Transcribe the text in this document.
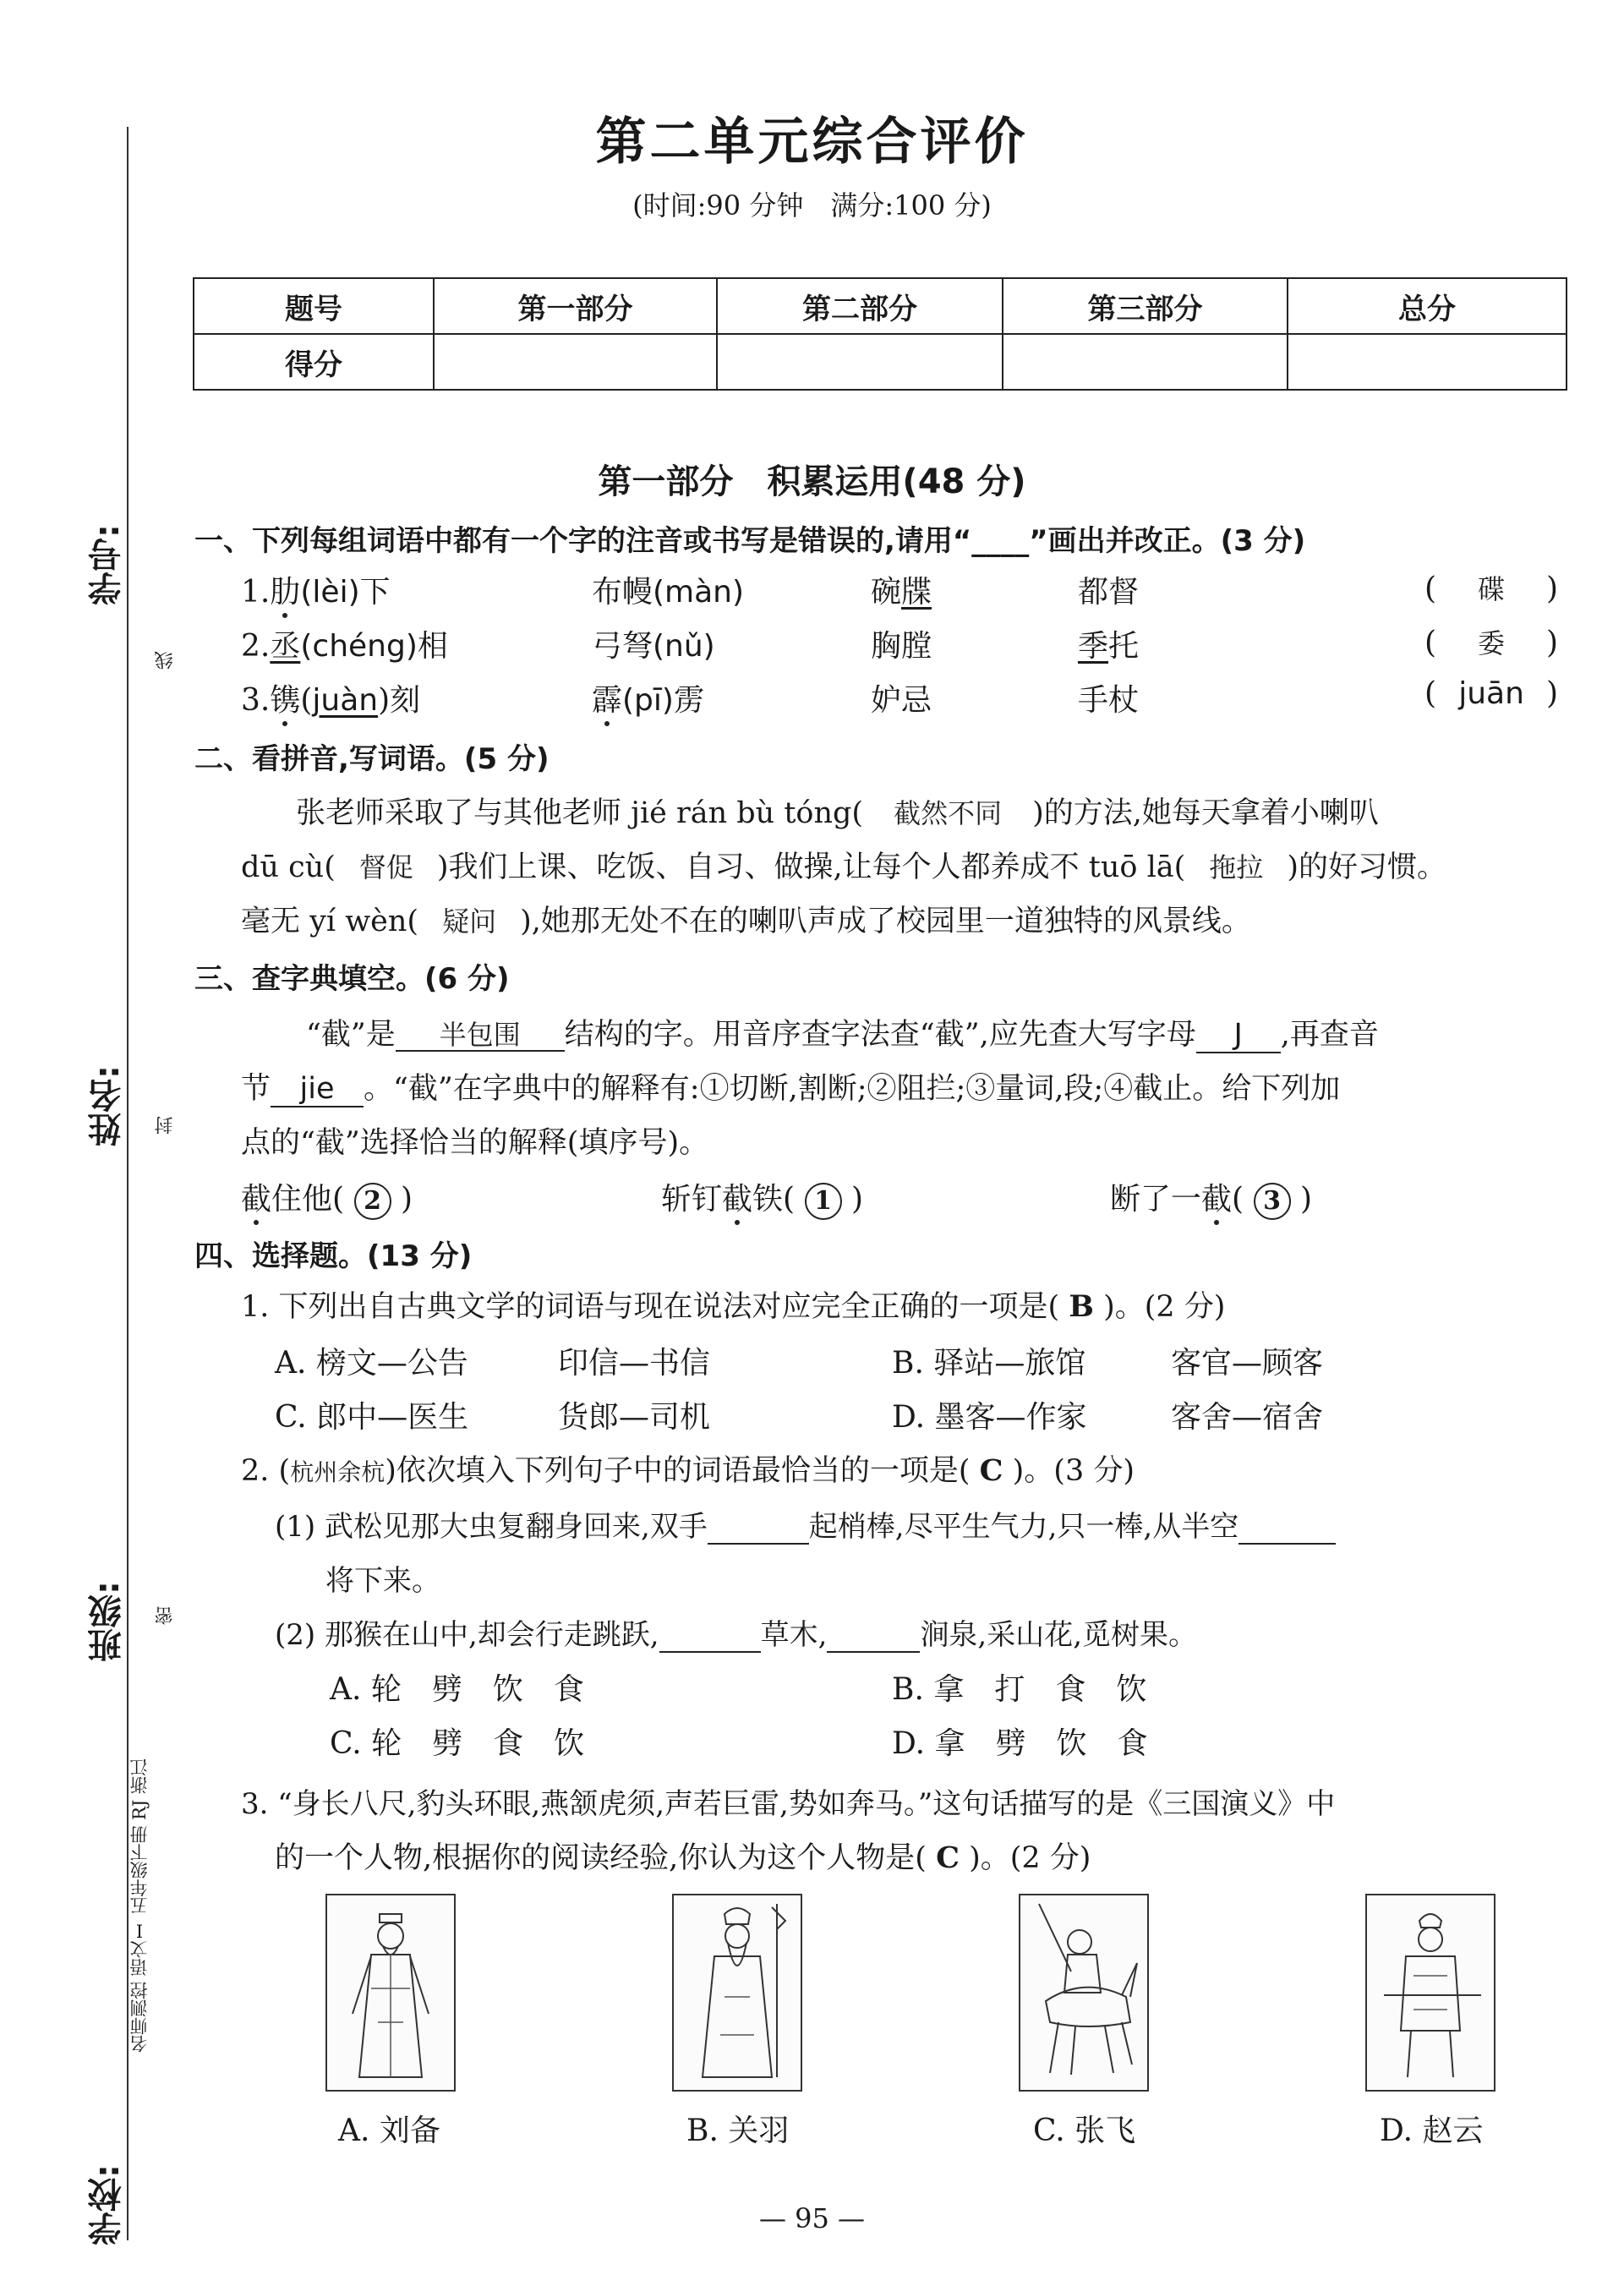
学号:
线
姓名: 封
班级: 密
名师测控 语文Ⅰ 五年级下册 RJ 浙江
学校:
第二单元综合评价
(时间:90 分钟　满分:100 分)
题号	第一部分	第二部分	第三部分	总分
得分				
第一部分　积累运用(48 分)
一、下列每组词语中都有一个字的注音或书写是错误的,请用“____”画出并改正。(3 分)
1.肋(lèi)下	布幔(màn)	碗牒	都督	( 碟 )
2.丞(chéng)相	弓弩(nǔ)	胸膛	季托	( 委 )
3.镌(juàn)刻	霹(pī)雳	妒忌	手杖	( juān )
二、看拼音,写词语。(5 分)
张老师采取了与其他老师 jié rán bù tóng( 截然不同 )的方法,她每天拿着小喇叭
dū cù( 督促 )我们上课、吃饭、自习、做操,让每个人都养成不 tuō lā( 拖拉 )的好习惯。
毫无 yí wèn( 疑问 ),她那无处不在的喇叭声成了校园里一道独特的风景线。
三、查字典填空。(6 分)
“截”是 半包围 结构的字。用音序查字法查“截”,应先查大写字母 J ,再查音
节 jie 。“截”在字典中的解释有:①切断,割断;②阻拦;③量词,段;④截止。给下列加
点的“截”选择恰当的解释(填序号)。
截住他( 2 )	斩钉截铁( 1 )	断了一截( 3 )
四、选择题。(13 分)
1. 下列出自古典文学的词语与现在说法对应完全正确的一项是( B )。(2 分)
A. 榜文—公告	印信—书信	B. 驿站—旅馆	客官—顾客
C. 郎中—医生	货郎—司机	D. 墨客—作家	客舍—宿舍
2. (杭州余杭)依次填入下列句子中的词语最恰当的一项是( C )。(3 分)
(1) 武松见那大虫复翻身回来,双手	起梢棒,尽平生气力,只一棒,从半空
将下来。
(2) 那猴在山中,却会行走跳跃,	草木,	涧泉,采山花,觅树果。
A. 轮　劈　饮　食	B. 拿　打　食　饮
C. 轮　劈　食　饮	D. 拿　劈　饮　食
3. “身长八尺,豹头环眼,燕颔虎须,声若巨雷,势如奔马。”这句话描写的是《三国演义》中
的一个人物,根据你的阅读经验,你认为这个人物是( C )。(2 分)
A. 刘备	B. 关羽	C. 张飞	D. 赵云
— 95 —
